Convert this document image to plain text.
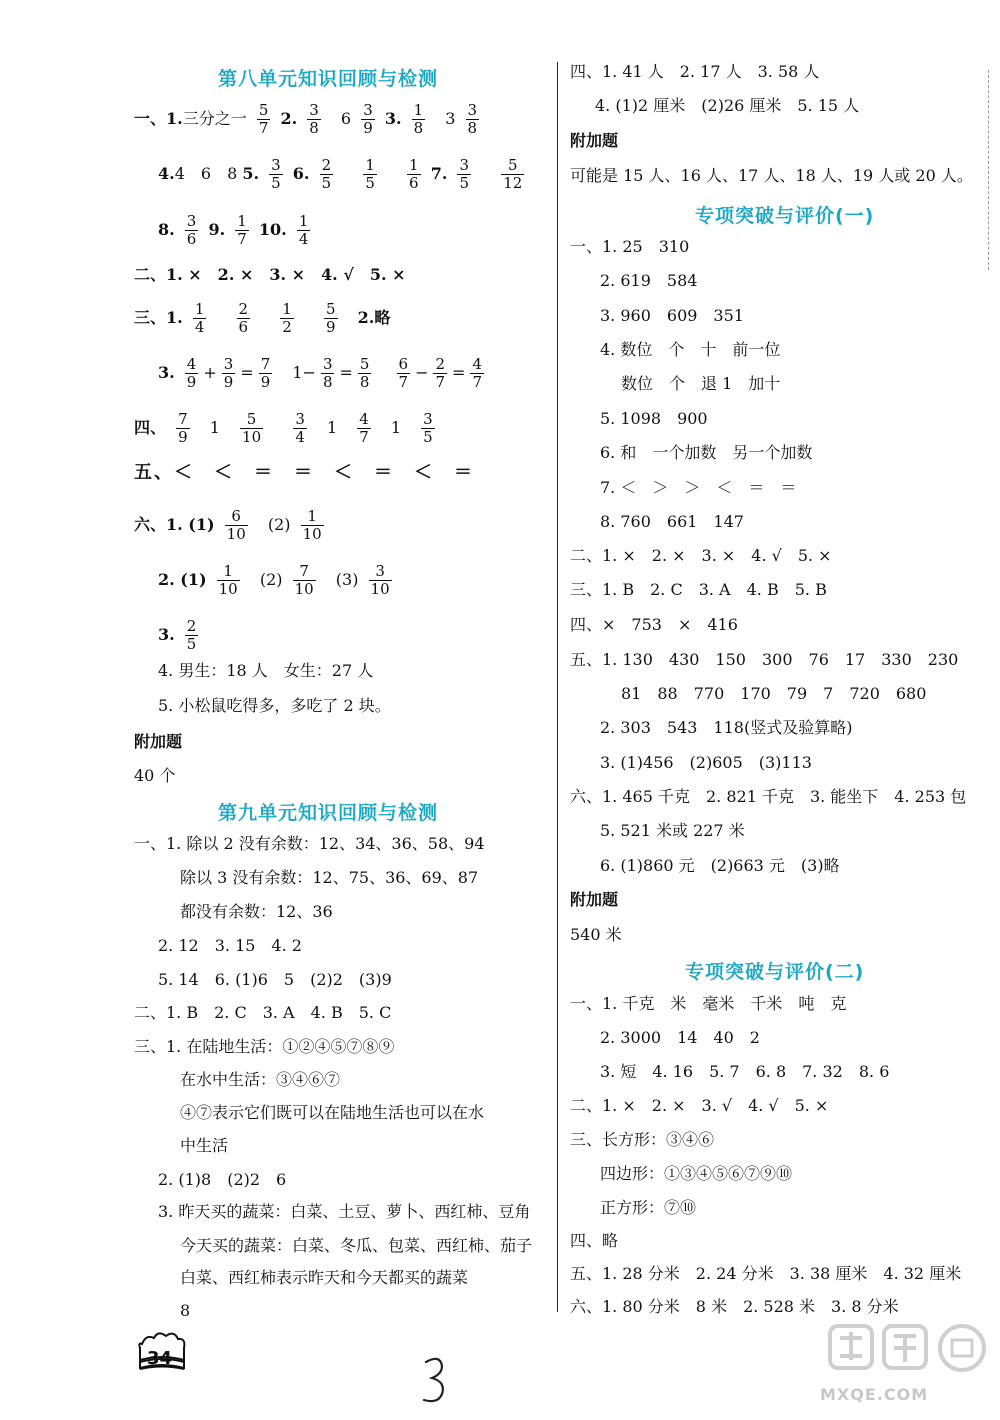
第八单元知识回顾与检测
一、1.三分之一 $\frac{5}{7} 2$. $\frac{3}{8} 6 \frac{3}{9} 3$. $\frac{1}{8} 3 \frac{3}{8}$
4.4　6　8 5. $\frac{3}{5} 6$. $\frac{2}{5}$
$\frac{1}{5}$
$\frac{1}{6} 7$. $\frac{3}{5}$
$\frac{5}{12}$
8. $\frac{3}{6} 9$. $\frac{1}{7} 10$. $\frac{1}{4}$
二、1. ×　2. ×　3. ×　4. √　5. ×
三、1. $\frac{1}{4}$
$\frac{2}{6}$
$\frac{1}{2}$
$\frac{5}{9} 2$.略
3. $\frac{4}{9} + \frac{3}{9} = \frac{7}{9} 1- \frac{3}{8} = \frac{5}{8}$
$\frac{6}{7} - \frac{2}{7} = \frac{4}{7}$
四、 $\frac{7}{9} 1 \frac{5}{10}$
$\frac{3}{4} 1 \frac{4}{7} 1 \frac{3}{5}$
五、＜　＜　＝　＝　＜　＝　＜　＝
六、1. $(1) \frac{6}{10} (2) \frac{1}{10}$
2. $(1) \frac{1}{10} (2) \frac{7}{10} (3) \frac{3}{10}$
3. $\frac{2}{5}$
4. 男生：18 人　女生：27 人
5. 小松鼠吃得多，多吃了 2 块。
附加题
40 个
第九单元知识回顾与检测
一、1. 除以 2 没有余数：12、34、36、58、94
除以 3 没有余数：12、75、36、69、87
都没有余数：12、36
2. 12　3. 15　4. 2
5. 14　6. (1)6　5　(2)2　(3)9
二、1. B　2. C　3. A　4. B　5. C
三、1. 在陆地生活：①②④⑤⑦⑧⑨
在水中生活：③④⑥⑦
④⑦表示它们既可以在陆地生活也可以在水
中生活
2. (1)8　(2)2　6
3. 昨天买的蔬菜：白菜、土豆、萝卜、西红柿、豆角
今天买的蔬菜：白菜、冬瓜、包菜、西红柿、茄子
白菜、西红柿表示昨天和今天都买的蔬菜
8
四、1. 41 人　2. 17 人　3. 58 人
4. (1)2 厘米　(2)26 厘米　5. 15 人
附加题
可能是 15 人、16 人、17 人、18 人、19 人或 20 人。
专项突破与评价(一)
一、1. 25　310
2. 619　584
3. 960　609　351
4. 数位　个　十　前一位
数位　个　退 1　加十
5. 1098　900
6. 和　一个加数　另一个加数
7. ＜　＞　＞　＜　＝　＝
8. 760　661　147
二、1. ×　2. ×　3. ×　4. √　5. ×
三、1. B　2. C　3. A　4. B　5. B
四、×　753　×　416
五、1. 130　430　150　300　76　17　330　230
81　88　770　170　79　7　720　680
2. 303　543　118(竖式及验算略)
3. (1)456　(2)605　(3)113
六、1. 465 千克　2. 821 千克　3. 能坐下　4. 253 包
5. 521 米或 227 米
6. (1)860 元　(2)663 元　(3)略
附加题
540 米
专项突破与评价(二)
一、1. 千克　米　毫米　千米　吨　克
2. 3000　14　40　2
3. 短　4. 16　5. 7　6. 8　7. 32　8. 6
二、1. ×　2. ×　3. √　4. √　5. ×
三、长方形：③④⑥
四边形：①③④⑤⑥⑦⑨⑩
正方形：⑦⑩
四、略
五、1. 28 分米　2. 24 分米　3. 38 厘米　4. 32 厘米
六、1. 80 分米　8 米　2. 528 米　3. 8 分米
34
MXQE.COM
